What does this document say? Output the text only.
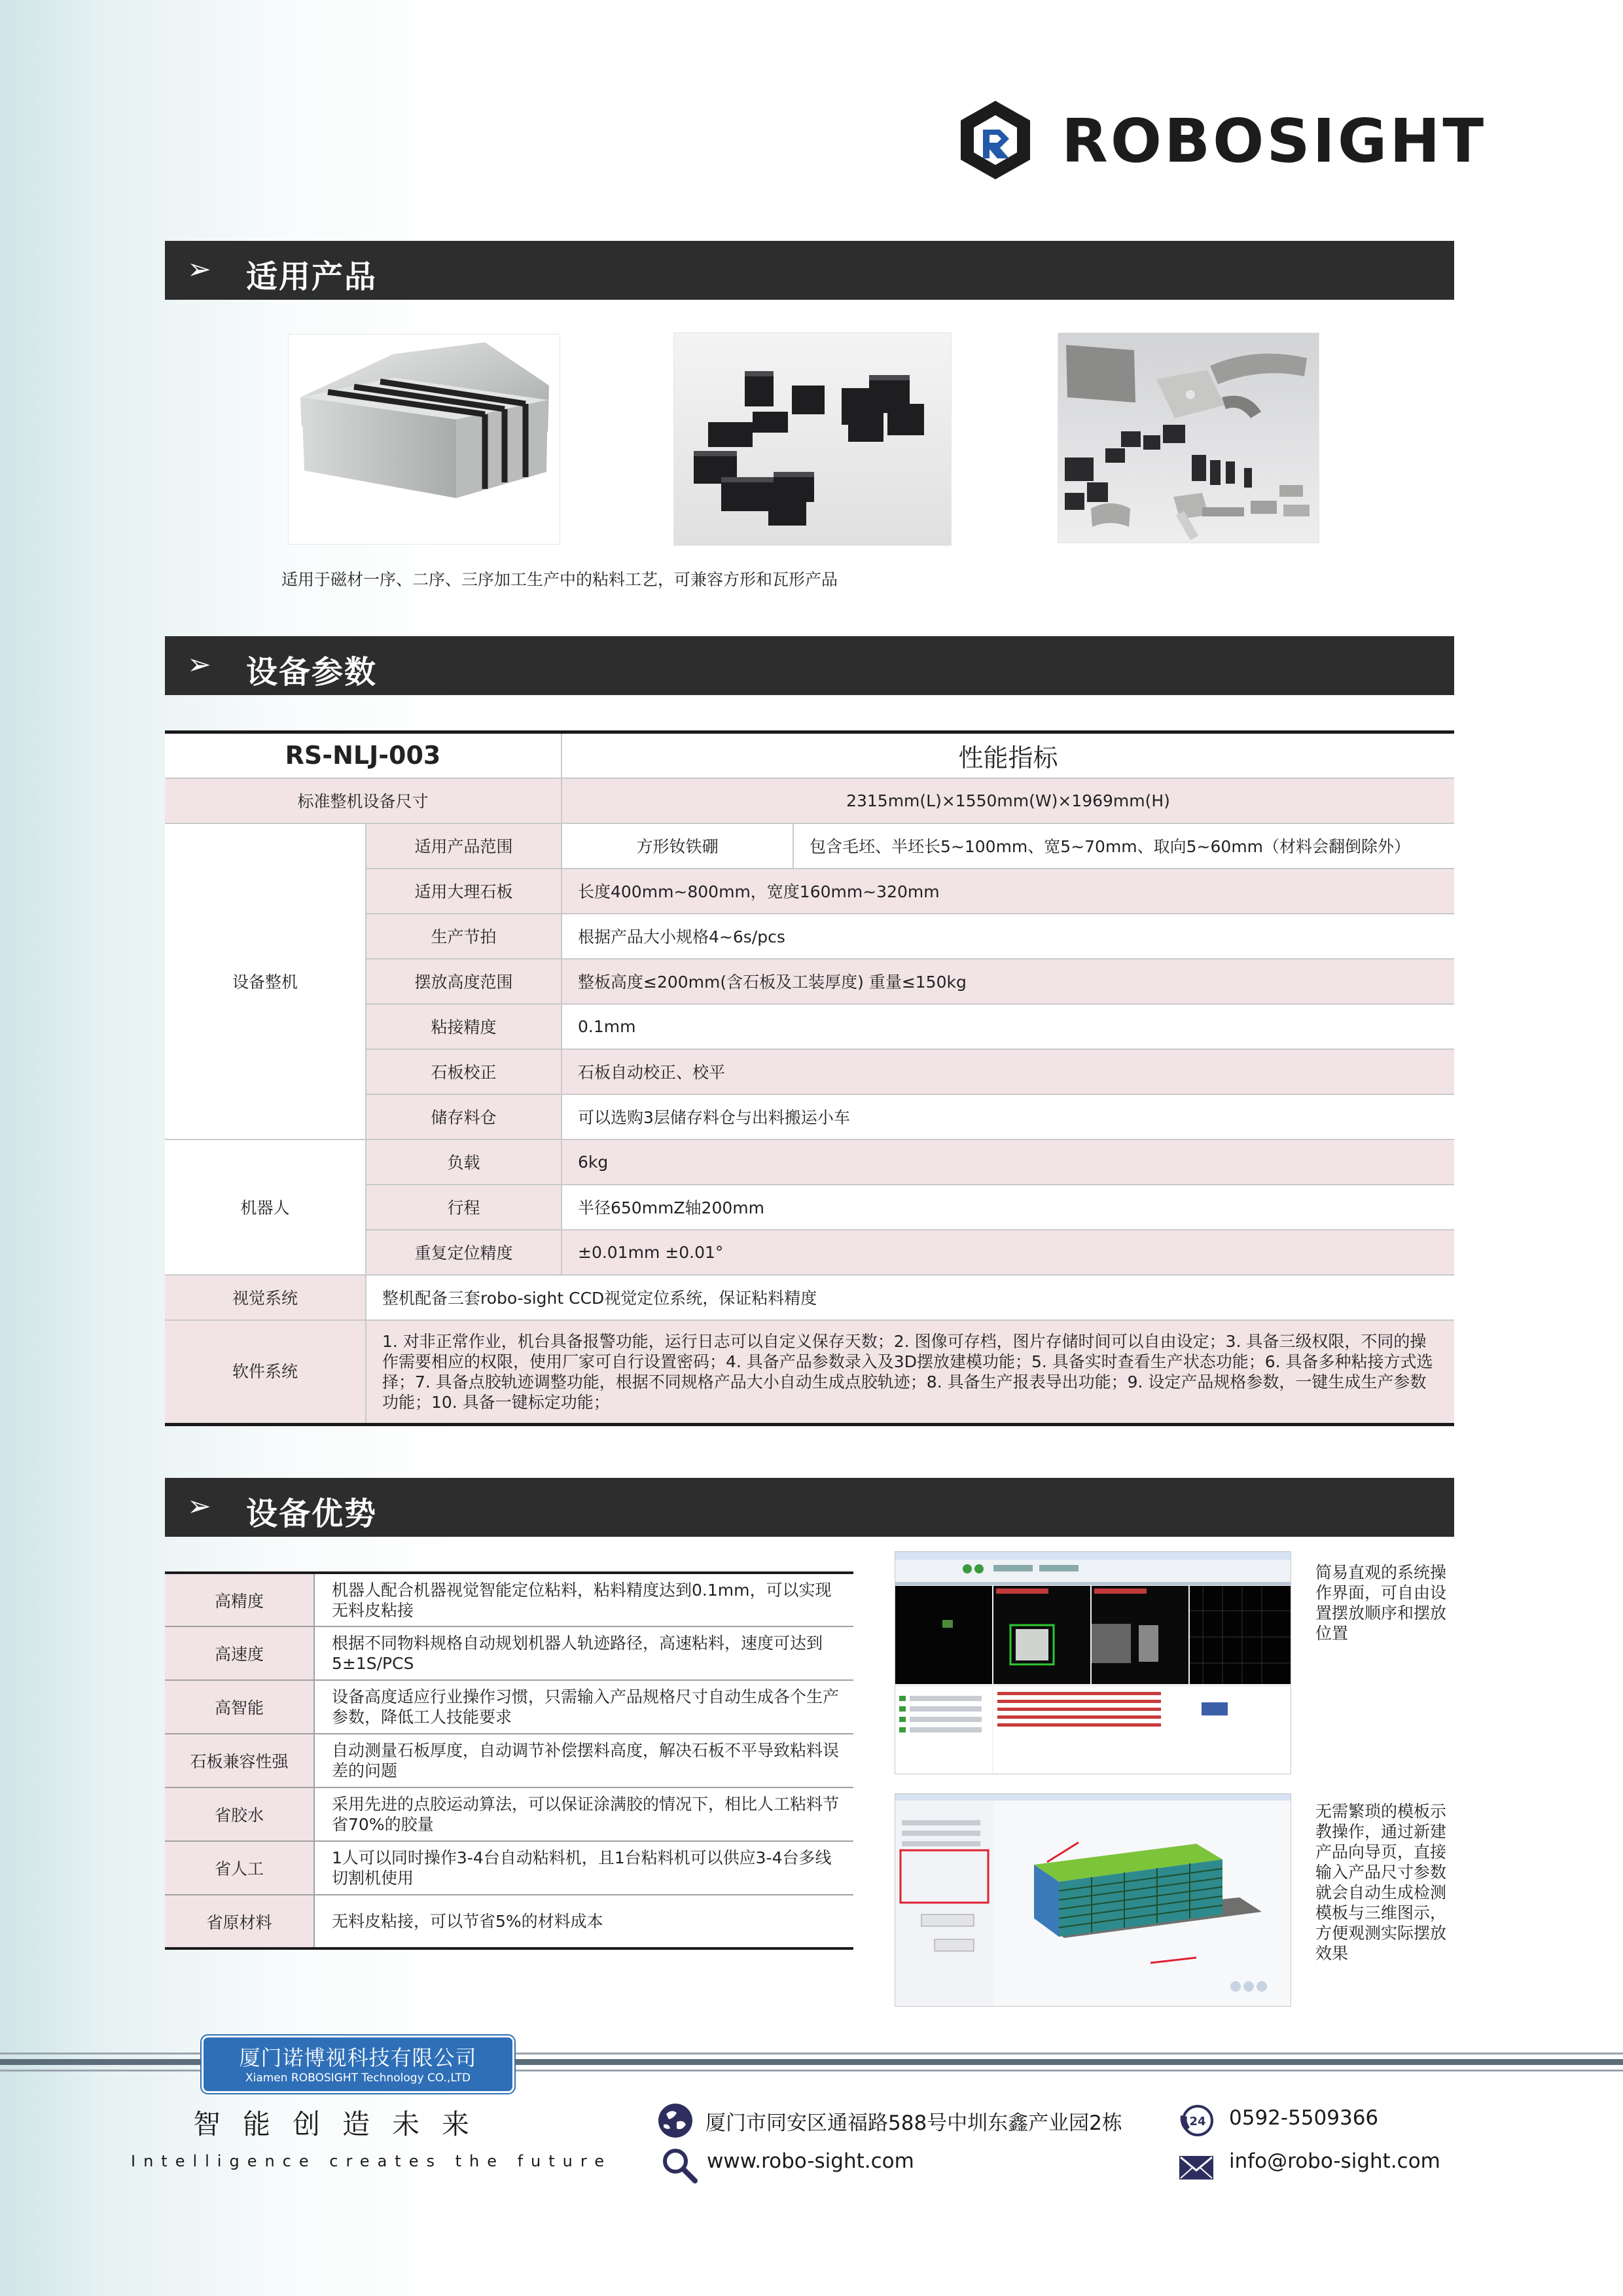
ROBOSIGHT
➢ 适用产品
适用于磁材一序、二序、三序加工生产中的粘料工艺，可兼容方形和瓦形产品
➢ 设备参数
RS-NLJ-003		性能指标	
标准整机设备尺寸		2315mm(L)×1550mm(W)×1969mm(H)	
设备整机	适用产品范围	方形钕铁硼	包含毛坯、半坯长5~100mm、宽5~70mm、取向5~60mm（材料会翻倒除外）
	适用大理石板	长度400mm~800mm，宽度160mm~320mm	
	生产节拍	根据产品大小规格4~6s/pcs	
	摆放高度范围	整板高度≤200mm(含石板及工装厚度) 重量≤150kg	
	粘接精度	0.1mm	
	石板校正	石板自动校正、校平	
	储存料仓	可以选购3层储存料仓与出料搬运小车	
机器人	负载	6kg	
	行程	半径650mmZ轴200mm	
	重复定位精度	±0.01mm ±0.01°	
视觉系统	整机配备三套robo-sight CCD视觉定位系统，保证粘料精度		
软件系统	1. 对非正常作业，机台具备报警功能，运行日志可以自定义保存天数；2. 图像可存档，图片存储时间可以自由设定；3. 具备三级权限，不同的操作需要相应的权限，使用厂家可自行设置密码；4. 具备产品参数录入及3D摆放建模功能；5. 具备实时查看生产状态功能；6. 具备多种粘接方式选择；7. 具备点胶轨迹调整功能，根据不同规格产品大小自动生成点胶轨迹；8. 具备生产报表导出功能；9. 设定产品规格参数，一键生成生产参数功能；10. 具备一键标定功能；		
➢ 设备优势
高精度	机器人配合机器视觉智能定位粘料，粘料精度达到0.1mm，可以实现无料皮粘接
高速度	根据不同物料规格自动规划机器人轨迹路径，高速粘料，速度可达到5±1S/PCS
高智能	设备高度适应行业操作习惯，只需输入产品规格尺寸自动生成各个生产参数，降低工人技能要求
石板兼容性强	自动测量石板厚度，自动调节补偿摆料高度，解决石板不平导致粘料误差的问题
省胶水	采用先进的点胶运动算法，可以保证涂满胶的情况下，相比人工粘料节省70%的胶量
省人工	1人可以同时操作3-4台自动粘料机，且1台粘料机可以供应3-4台多线切割机使用
省原材料	无料皮粘接，可以节省5%的材料成本
简易直观的系统操作界面，可自由设置摆放顺序和摆放位置
无需繁琐的模板示教操作，通过新建产品向导页，直接输入产品尺寸参数就会自动生成检测模板与三维图示，方便观测实际摆放效果
厦门诺博视科技有限公司
Xiamen ROBOSIGHT Technology CO.,LTD
智能创造未来
Intelligence creates the future
厦门市同安区通福路588号中圳东鑫产业园2栋	24 0592-5509366
www.robo-sight.com	info@robo-sight.com
